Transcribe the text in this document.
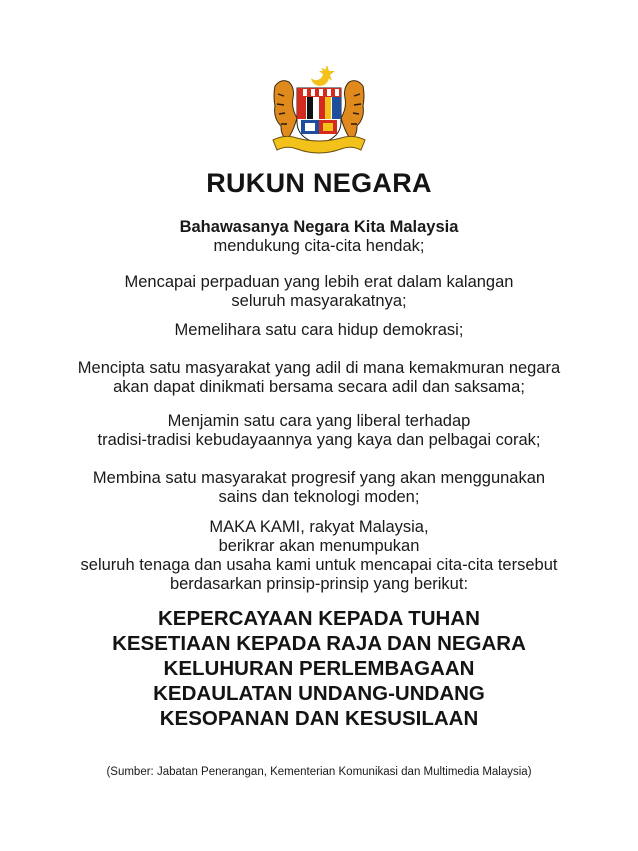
RUKUN NEGARA
Bahawasanya Negara Kita Malaysia
mendukung cita-cita hendak;
Mencapai perpaduan yang lebih erat dalam kalangan
seluruh masyarakatnya;
Memelihara satu cara hidup demokrasi;
Mencipta satu masyarakat yang adil di mana kemakmuran negara
akan dapat dinikmati bersama secara adil dan saksama;
Menjamin satu cara yang liberal terhadap
tradisi-tradisi kebudayaannya yang kaya dan pelbagai corak;
Membina satu masyarakat progresif yang akan menggunakan
sains dan teknologi moden;
MAKA KAMI, rakyat Malaysia,
berikrar akan menumpukan
seluruh tenaga dan usaha kami untuk mencapai cita-cita tersebut
berdasarkan prinsip-prinsip yang berikut:
KEPERCAYAAN KEPADA TUHAN
KESETIAAN KEPADA RAJA DAN NEGARA
KELUHURAN PERLEMBAGAAN
KEDAULATAN UNDANG-UNDANG
KESOPANAN DAN KESUSILAAN
(Sumber: Jabatan Penerangan, Kementerian Komunikasi dan Multimedia Malaysia)
